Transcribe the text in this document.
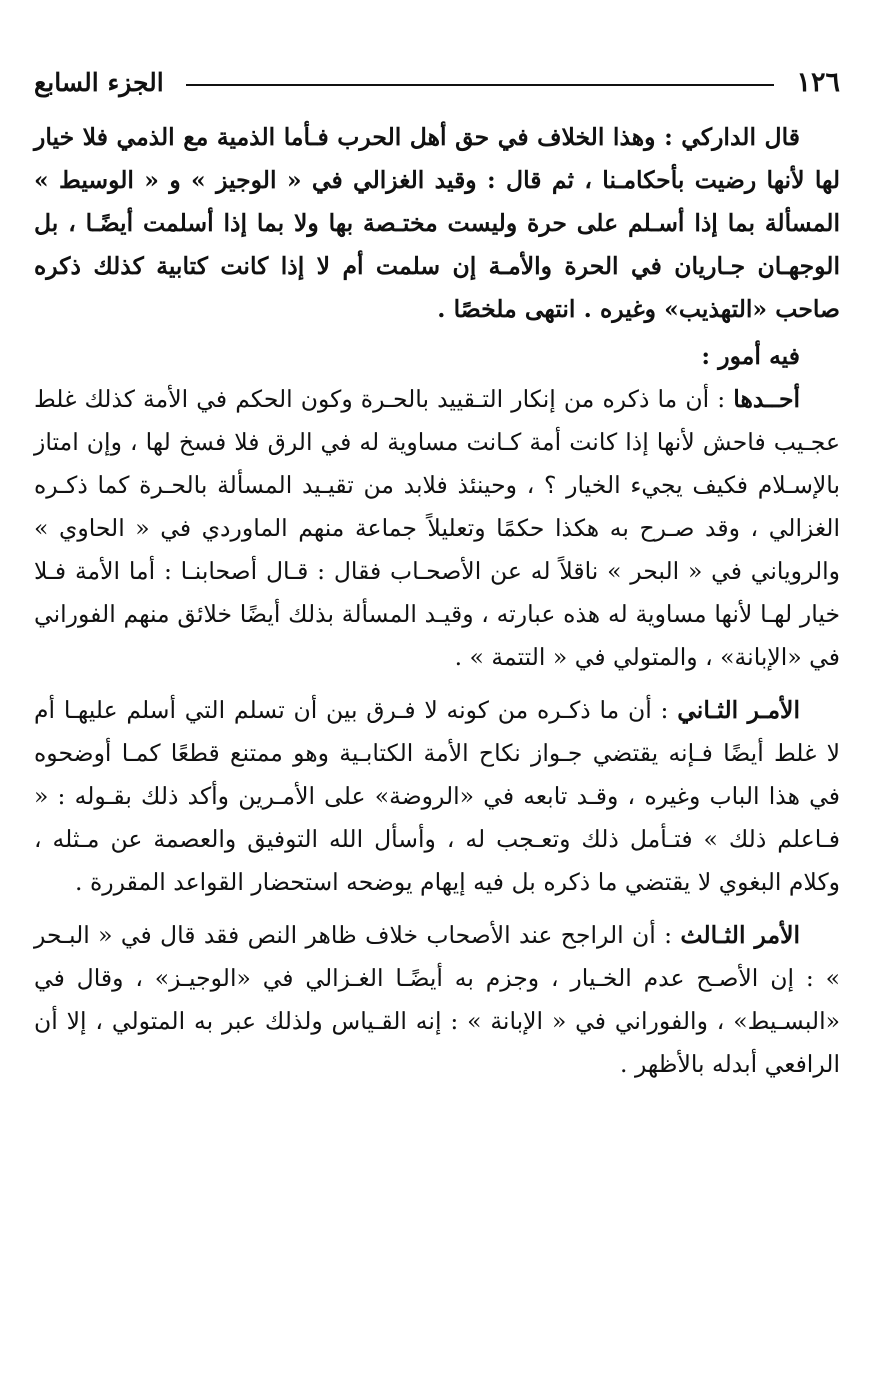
١٢٦
الجزء السابع

قال الداركي : وهذا الخلاف في حق أهل الحرب فـأما الذمية مع الذمي فلا خيار لها لأنها رضيت بأحكامـنا ، ثم قال : وقيد الغزالي في « الوجيز » و « الوسيط » المسألة بما إذا أسـلم على حرة وليست مختـصة بها ولا بما إذا أسلمت أيضًـا ، بل الوجهـان جـاريان في الحرة والأمـة إن سلمت أم لا إذا كانت كتابية كذلك ذكره صاحب «التهذيب» وغيره . انتهى ملخصًا .

فيه أمور :

أحــدها : أن ما ذكره من إنكار التـقييد بالحـرة وكون الحكم في الأمة كذلك غلط عجـيب فاحش لأنها إذا كانت أمة كـانت مساوية له في الرق فلا فسخ لها ، وإن امتاز بالإسـلام فكيف يجيء الخيار ؟ ، وحينئذ فلابد من تقيـيد المسألة بالحـرة كما ذكـره الغزالي ، وقد صـرح به هكذا حكمًا وتعليلاً جماعة منهم الماوردي في « الحاوي » والروياني في « البحر » ناقلاً له عن الأصحـاب فقال : قـال أصحابنـا : أما الأمة فـلا خيار لهـا لأنها مساوية له هذه عبارته ، وقيـد المسألة بذلك أيضًا خلائق منهم الفوراني في «الإبانة» ، والمتولي في « التتمة » .

الأمـر الثـاني : أن ما ذكـره من كونه لا فـرق بين أن تسلم التي أسلم عليهـا أم لا غلط أيضًا فـإنه يقتضي جـواز نكاح الأمة الكتابـية وهو ممتنع قطعًا كمـا أوضحوه في هذا الباب وغيره ، وقـد تابعه في «الروضة» على الأمـرين وأكد ذلك بقـوله : « فـاعلم ذلك » فتـأمل ذلك وتعـجب له ، وأسأل الله التوفيق والعصمة عن مـثله ، وكلام البغوي لا يقتضي ما ذكره بل فيه إيهام يوضحه استحضار القواعد المقررة .

الأمر الثـالث : أن الراجح عند الأصحاب خلاف ظاهر النص فقد قال في « البـحر » : إن الأصـح عدم الخـيار ، وجزم به أيضًـا الغـزالي في «الوجيـز» ، وقال في «البسـيط» ، والفوراني في « الإبانة » : إنه القـياس ولذلك عبر به المتولي ، إلا أن الرافعي أبدله بالأظهر .
